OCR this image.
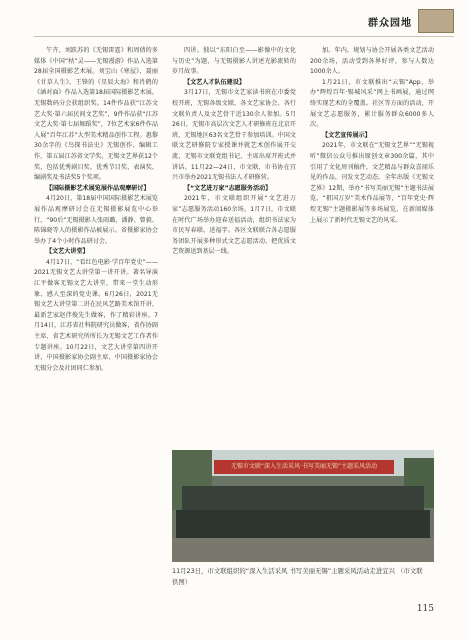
群众园地

午卉、刘跃苏的《无锡雷霆》和周倩的多媒体《中国“枯”灵——无锡漫游》作品入选第28届全国摄影艺术展。刘宝山《寒屋》、聂丽《甘草人生》、王锋的《星辰大海》和肖鹤的《涵对面》作品入选第18届国际摄影艺术展，无锡数码分会获组织奖。14件作品获“江苏文艺大奖·第六届民间文艺奖”，9件作品获“江苏文艺大奖·第七届舞蹈奖”，7位艺术家6件作品入展“百年江苏”大型美术精品创作工程。惠黎30余字的《鸟探书法史》无锡创作、编辑工作，第五届江苏省文学奖、无锡文艺界获12个奖，包括优秀剧目奖、优秀节目奖、表演奖、编剧奖及书法奖5个奖项。

【国际摄影艺术展览展作品观摩研讨】

4月20日，第18届中国国际摄影艺术展览展作品观摩研讨会在无锡摄影展览中心举行，“90后”无锡摄影人张雨璐、潘静、曾毅、陈锦晓等人的摄影作品被展示。省摄影家协会举办了4个小时作品研讨会。

【文艺大讲堂】

4月17日，“看红色电影·学百年党史”——2021无锡文艺大讲堂第一讲开讲。著名导演江平做客无锡文艺大讲堂，带来一堂生动形象、感人至深的党史课。6月26日，2021无锡文艺大讲堂第二讲在民风艺路美术馆开讲，最新艺家赵伴俊先生做客，作了精彩讲座。7月14日，江苏省社科院研究员做客，省作协副主席、省艺术研究所所长为无锡文艺工作者作专题讲座。10月22日，文艺大讲堂第四讲开讲，中国摄影家协会副主席、中国摄影家协会无锡分会及社团同仁参加。

四讲。独以“东阳白至——影像中的文化与历史”为题，与无锡摄影人讲述光影流转的岁月故事。

【文艺人才队伍建设】

3月17日，无锡市文艺家读书班在市委党校开班，无锡各级文联、各文艺家协会、各行文联负责人及文艺骨干近130余人参加。5月26日，无锡市高层次文艺人才研修班在北京开班，无锡地区63名文艺骨干参加培训。中国文联文艺研修院专家授课并就艺术创作展开交流，无锡市文联党组书记、主席出席开班式并讲话。11月22—24日，市文联、市书协在宜兴市举办2021无锡书法人才研修营。

【“文艺进万家”志愿服务活动】

2021年，市文联组织开展“文艺进万家”志愿服务活动160余场。1月7日，市文联在时代广场举办迎春送福活动，组织书法家为市民写春联、送福字。各区文联联合各志愿服务团队开展多种形式文艺志愿活动，把优质文艺资源送到基层一线。

加。年内，规划与协会开展各类文艺活动200余场，活动受到各界好评，参与人数达1000余人。

1月21日，市文联推出“云锡”App，举办“辉煌百年·锡城风采”网上书画展，通过网络实现艺术的全覆盖。社区等方面的活动，开展文艺志愿服务，累计服务群众6000多人次。

【文艺宣传展示】

2021年，市文联在“无锡文艺界”“无锡视听”微信公众号推出原创文章300余篇，其中引用了文化周刊稿件，文艺精品与群众喜闻乐见的作品，刊发文艺动态。全年出版《无锡文艺界》12期，举办“书写美丽无锡”主题书法展览、“祖国万岁”美术作品展等，“百年党史·辉煌无锡”主题摄影展等多场展览，在新闻媒体上展示了新时代无锡文艺的风采。

无锡市文联“深入生活采风·书写美丽无锡”主题采风活动
11月23日，市文联组织的“深入生活采风 书写美丽无锡”主题采风活动走进宜兴 （市文联　供图）
115
